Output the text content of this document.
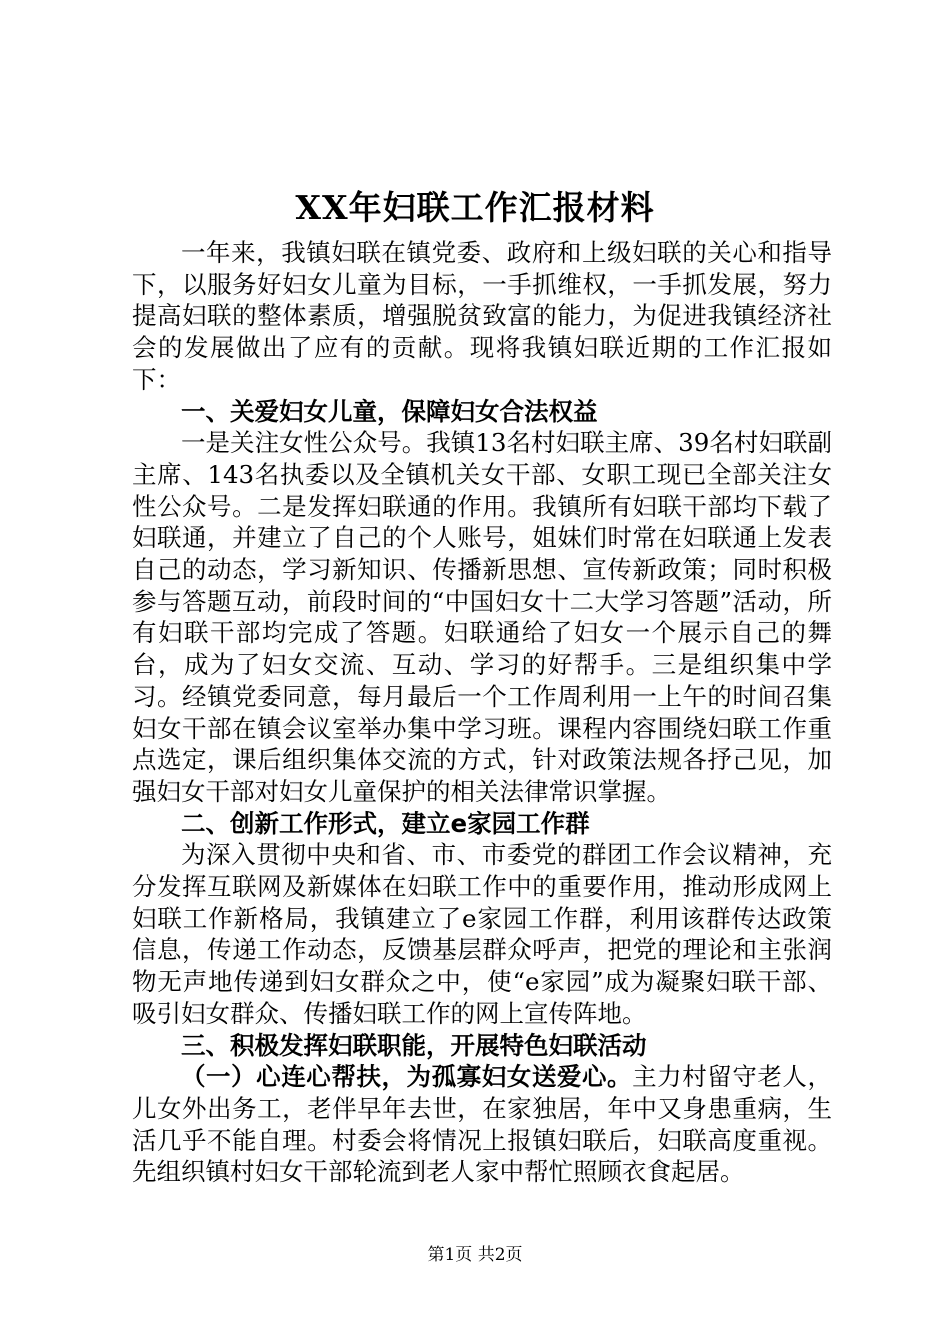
XX年妇联工作汇报材料

一年来，我镇妇联在镇党委、政府和上级妇联的关心和指导下，以服务好妇女儿童为目标，一手抓维权，一手抓发展，努力提高妇联的整体素质，增强脱贫致富的能力，为促进我镇经济社会的发展做出了应有的贡献。现将我镇妇联近期的工作汇报如下：

一、关爱妇女儿童，保障妇女合法权益

一是关注女性公众号。我镇13名村妇联主席、39名村妇联副主席、143名执委以及全镇机关女干部、女职工现已全部关注女性公众号。二是发挥妇联通的作用。我镇所有妇联干部均下载了妇联通，并建立了自己的个人账号，姐妹们时常在妇联通上发表自己的动态，学习新知识、传播新思想、宣传新政策；同时积极参与答题互动，前段时间的“中国妇女十二大学习答题”活动，所有妇联干部均完成了答题。妇联通给了妇女一个展示自己的舞台，成为了妇女交流、互动、学习的好帮手。三是组织集中学习。经镇党委同意，每月最后一个工作周利用一上午的时间召集妇女干部在镇会议室举办集中学习班。课程内容围绕妇联工作重点选定，课后组织集体交流的方式，针对政策法规各抒己见，加强妇女干部对妇女儿童保护的相关法律常识掌握。

二、创新工作形式，建立e家园工作群

为深入贯彻中央和省、市、市委党的群团工作会议精神，充分发挥互联网及新媒体在妇联工作中的重要作用，推动形成网上妇联工作新格局，我镇建立了e家园工作群，利用该群传达政策信息，传递工作动态，反馈基层群众呼声，把党的理论和主张润物无声地传递到妇女群众之中，使“e家园”成为凝聚妇联干部、吸引妇女群众、传播妇联工作的网上宣传阵地。

三、积极发挥妇联职能，开展特色妇联活动

（一）心连心帮扶，为孤寡妇女送爱心。主力村留守老人，儿女外出务工，老伴早年去世，在家独居，年中又身患重病，生活几乎不能自理。村委会将情况上报镇妇联后，妇联高度重视。先组织镇村妇女干部轮流到老人家中帮忙照顾衣食起居。

第1页 共2页
